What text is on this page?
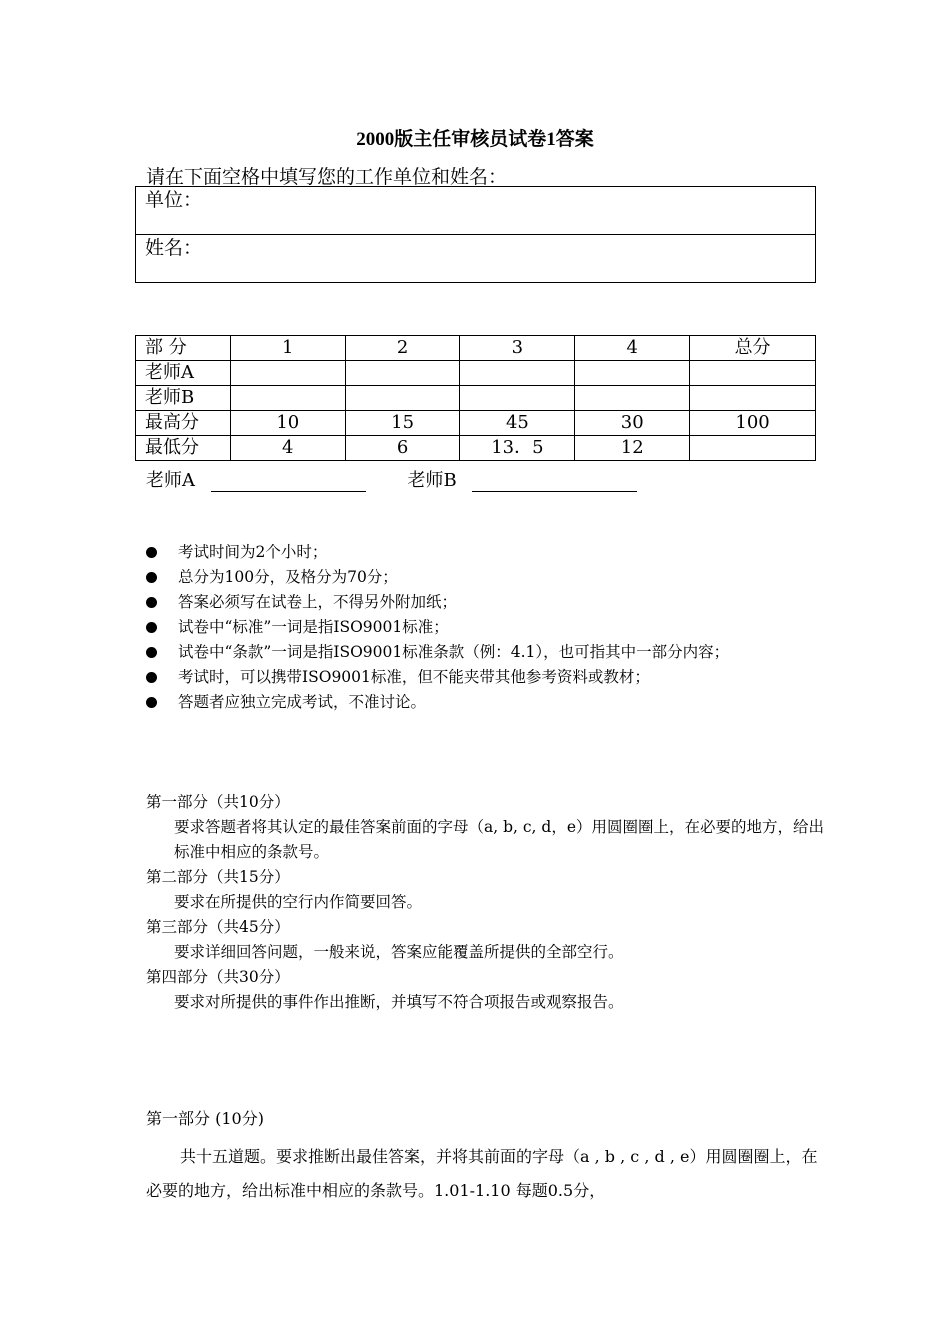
2000版主任审核员试卷1答案
请在下面空格中填写您的工作单位和姓名：
单位：
姓名：
部 分	1	2	3	4	总分
老师A					
老师B					
最高分	10	15	45	30	100
最低分	4	6	13．5	12	
老师A	老师B
考试时间为2个小时；
总分为100分，及格分为70分；
答案必须写在试卷上，不得另外附加纸；
试卷中“标准”一词是指ISO9001标准；
试卷中“条款”一词是指ISO9001标准条款（例：4.1），也可指其中一部分内容；
考试时，可以携带ISO9001标准，但不能夹带其他参考资料或教材；
答题者应独立完成考试，不准讨论。
第一部分（共10分）
要求答题者将其认定的最佳答案前面的字母（a, b, c, d，e）用圆圈圈上，在必要的地方，给出标准中相应的条款号。
第二部分（共15分）
要求在所提供的空行内作简要回答。
第三部分（共45分）
要求详细回答问题，一般来说，答案应能覆盖所提供的全部空行。
第四部分（共30分）
要求对所提供的事件作出推断，并填写不符合项报告或观察报告。
第一部分 (10分)
共十五道题。要求推断出最佳答案，并将其前面的字母（a , b , c , d , e）用圆圈圈上，在必要的地方，给出标准中相应的条款号。1.01-1.10 每题0.5分，
